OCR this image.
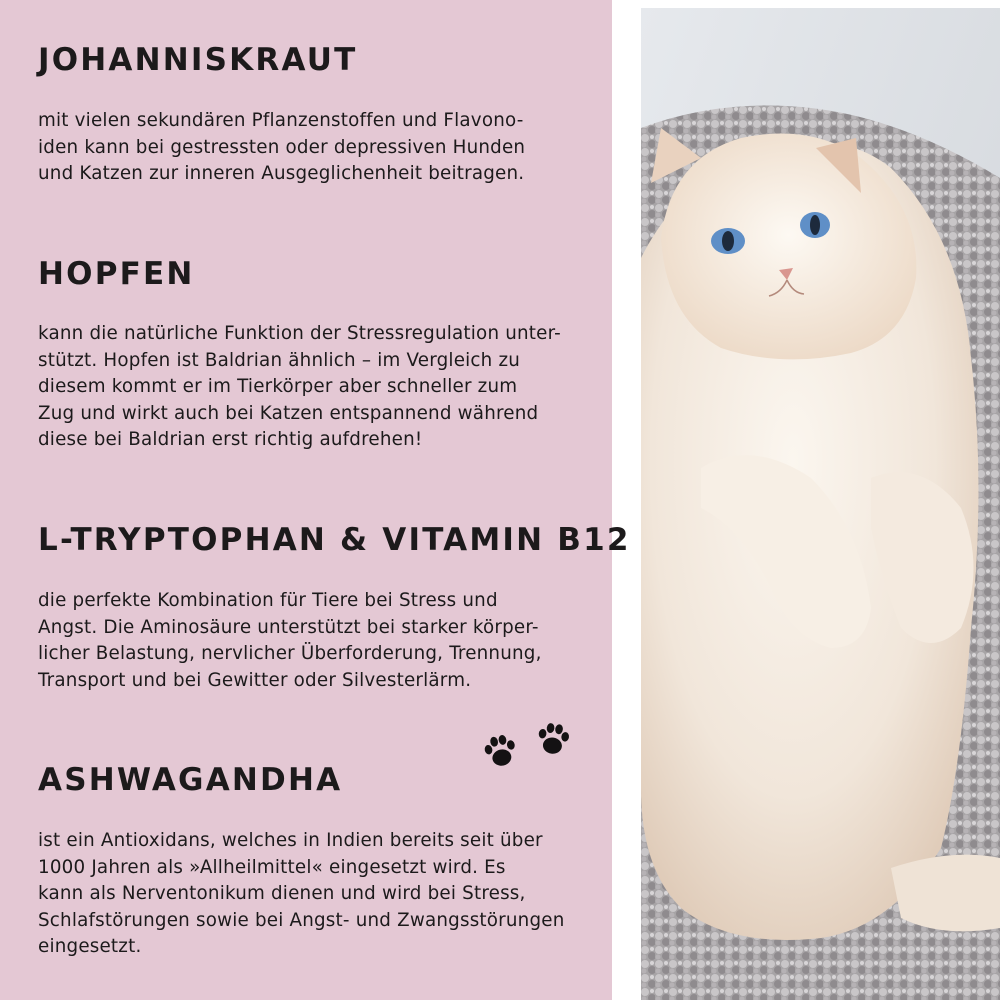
JOHANNISKRAUT

mit vielen sekundären Pflanzenstoffen und Flavono-
iden kann bei gestressten oder depressiven Hunden
und Katzen zur inneren Ausgeglichenheit beitragen.

HOPFEN

kann die natürliche Funktion der Stressregulation unter-
stützt. Hopfen ist Baldrian ähnlich – im Vergleich zu
diesem kommt er im Tierkörper aber schneller zum
Zug und wirkt auch bei Katzen entspannend während
diese bei Baldrian erst richtig aufdrehen!

L-TRYPTOPHAN & VITAMIN B12

die perfekte Kombination für Tiere bei Stress und
Angst. Die Aminosäure unterstützt bei starker körper-
licher Belastung, nervlicher Überforderung, Trennung,
Transport und bei Gewitter oder Silvesterlärm.

ASHWAGANDHA

ist ein Antioxidans, welches in Indien bereits seit über
1000 Jahren als »Allheilmittel« eingesetzt wird. Es
kann als Nerventonikum dienen und wird bei Stress,
Schlafstörungen sowie bei Angst- und Zwangsstörungen
eingesetzt.
